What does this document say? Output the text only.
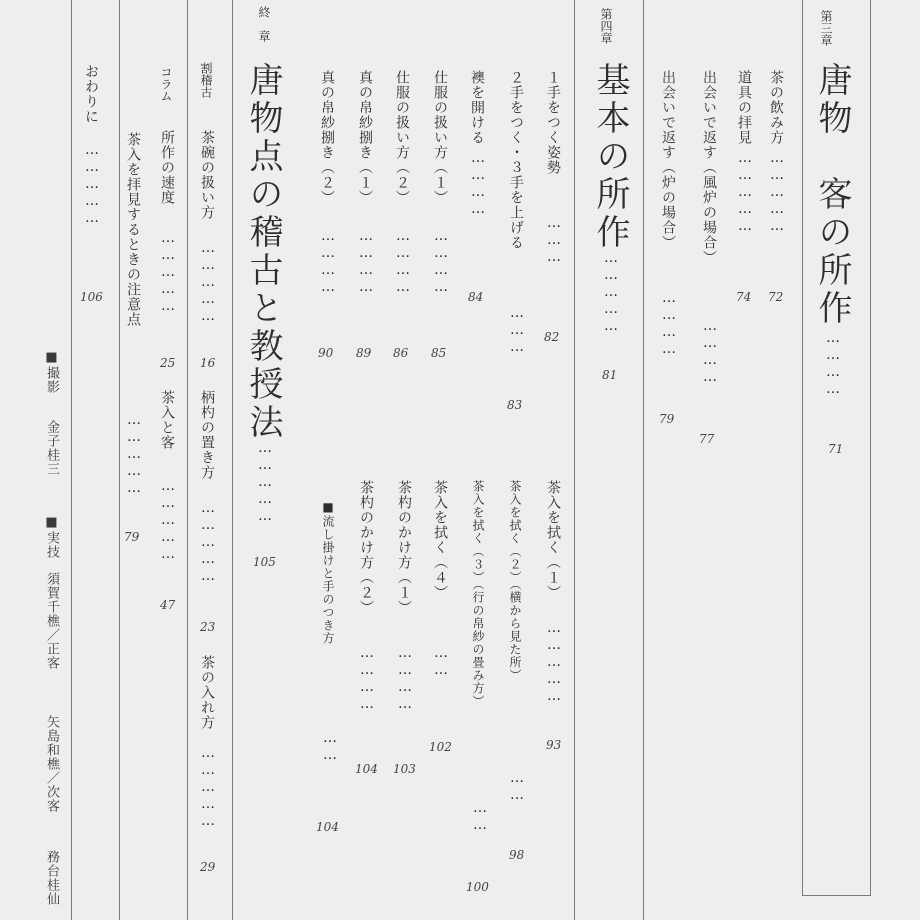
第三章
唐物　客の所作
…………
71
茶の飲み方
……………
72
道具の拝見
……………
74
出会いで返す（風炉の場合）
…………
77
出会いで返す（炉の場合）
…………
79
第四章
基本の所作
……………
81
１手をつく姿勢
………
82
２手をつく・３手を上げる
………
83
襖を開ける
…………
84
仕服の扱い方（１）
…………
85
仕服の扱い方（２）
…………
86
真の帛紗捌き（１）
…………
89
真の帛紗捌き（２）
…………
90
茶入を拭く（１）
……………
93
茶入を拭く（２）（横から見た所）
……
98
茶入を拭く（３）（行の帛紗の畳み方）
……
100
茶入を拭く（４）
……
102
茶杓のかけ方（１）
…………
103
茶杓のかけ方（２）
…………
104
■流し掛けと手のつき方
……
104
終　章
唐物点の稽古と教授法
……………
105
割稽古
茶碗の扱い方
……………
16
柄杓の置き方
……………
23
茶の入れ方
……………
29
コラム
所作の速度
……………
25
茶入と客
……………
47
茶入を拝見するときの注意点
……………
79
おわりに
……………
106
■撮影
金子桂三
■実技
須賀千樵／正客
矢島和樵／次客
務台桂仙
